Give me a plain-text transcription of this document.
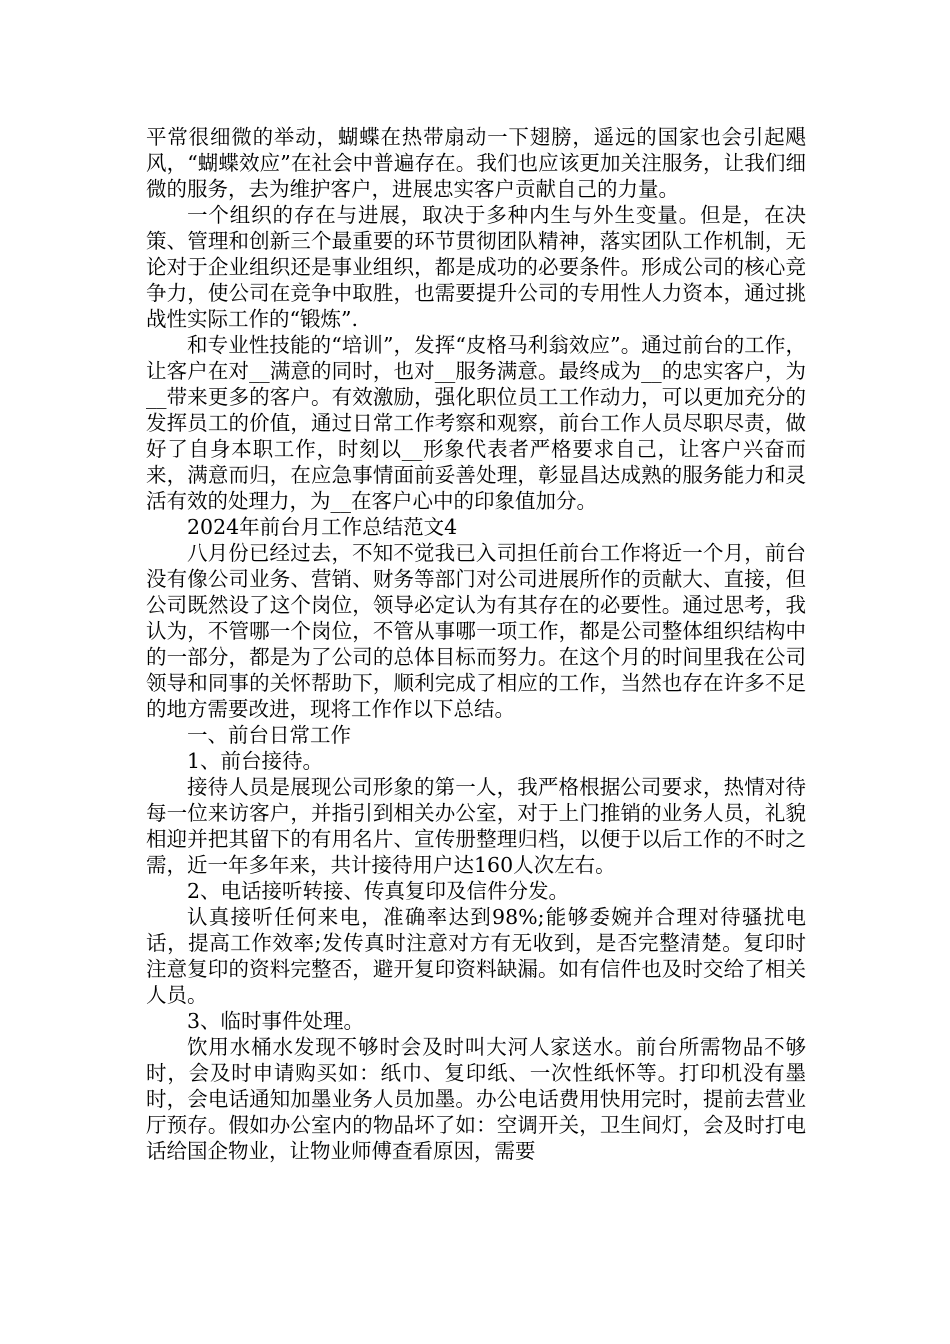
平常很细微的举动，蝴蝶在热带扇动一下翅膀，遥远的国家也会引起飓风，“蝴蝶效应”在社会中普遍存在。我们也应该更加关注服务，让我们细微的服务，去为维护客户，进展忠实客户贡献自己的力量。

一个组织的存在与进展，取决于多种内生与外生变量。但是，在决策、管理和创新三个最重要的环节贯彻团队精神，落实团队工作机制，无论对于企业组织还是事业组织，都是成功的必要条件。形成公司的核心竞争力，使公司在竞争中取胜，也需要提升公司的专用性人力资本，通过挑战性实际工作的“锻炼”.

和专业性技能的“培训”，发挥“皮格马利翁效应”。通过前台的工作，让客户在对__满意的同时，也对__服务满意。最终成为__的忠实客户，为__带来更多的客户。有效激励，强化职位员工工作动力，可以更加充分的发挥员工的价值，通过日常工作考察和观察，前台工作人员尽职尽责，做好了自身本职工作，时刻以__形象代表者严格要求自己，让客户兴奋而来，满意而归，在应急事情面前妥善处理，彰显昌达成熟的服务能力和灵活有效的处理力，为__在客户心中的印象值加分。

2024年前台月工作总结范文4

八月份已经过去，不知不觉我已入司担任前台工作将近一个月，前台没有像公司业务、营销、财务等部门对公司进展所作的贡献大、直接，但公司既然设了这个岗位，领导必定认为有其存在的必要性。通过思考，我认为，不管哪一个岗位，不管从事哪一项工作，都是公司整体组织结构中的一部分，都是为了公司的总体目标而努力。在这个月的时间里我在公司领导和同事的关怀帮助下，顺利完成了相应的工作，当然也存在许多不足的地方需要改进，现将工作作以下总结。

一、前台日常工作

1、前台接待。

接待人员是展现公司形象的第一人，我严格根据公司要求，热情对待每一位来访客户，并指引到相关办公室，对于上门推销的业务人员，礼貌相迎并把其留下的有用名片、宣传册整理归档，以便于以后工作的不时之需，近一年多年来，共计接待用户达160人次左右。

2、电话接听转接、传真复印及信件分发。

认真接听任何来电，准确率达到98%;能够委婉并合理对待骚扰电话，提高工作效率;发传真时注意对方有无收到，是否完整清楚。复印时注意复印的资料完整否，避开复印资料缺漏。如有信件也及时交给了相关人员。

3、临时事件处理。

饮用水桶水发现不够时会及时叫大河人家送水。前台所需物品不够时，会及时申请购买如：纸巾、复印纸、一次性纸怀等。打印机没有墨时，会电话通知加墨业务人员加墨。办公电话费用快用完时，提前去营业厅预存。假如办公室内的物品坏了如：空调开关，卫生间灯，会及时打电话给国企物业，让物业师傅查看原因，需要
